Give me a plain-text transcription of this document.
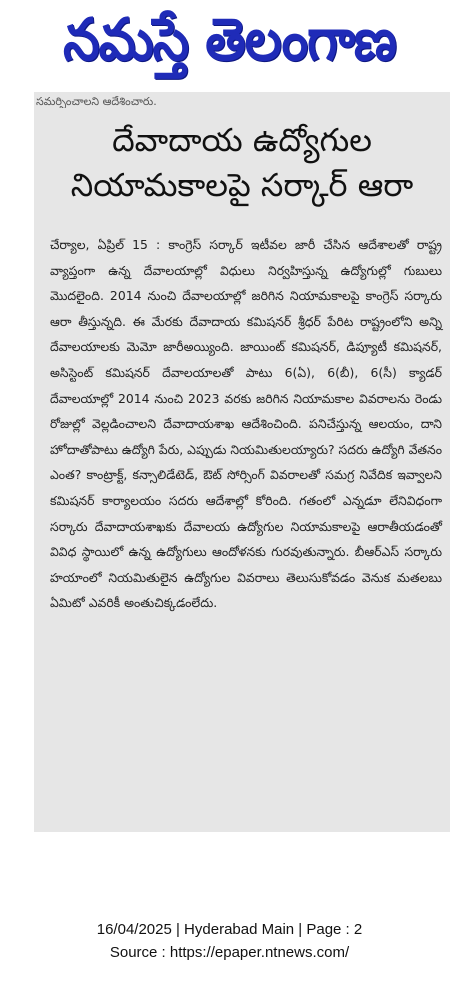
నమస్తే తెలంగాణ
సమర్పించాలని ఆదేశించారు.
దేవాదాయ ఉద్యోగుల
నియామకాలపై సర్కార్ ఆరా

చేర్యాల, ఏప్రిల్ 15 : కాంగ్రెస్ సర్కార్ ఇటీవల జారీ చేసిన ఆదేశాలతో రాష్ట్ర వ్యాప్తంగా ఉన్న దేవాలయాల్లో విధులు నిర్వహిస్తున్న ఉద్యోగుల్లో గుబులు మొదలైంది. 2014 నుంచి దేవాలయాల్లో జరిగిన నియామకాలపై కాంగ్రెస్ సర్కారు ఆరా తీస్తున్నది. ఈ మేరకు దేవాదాయ కమిషనర్ శ్రీధర్ పేరిట రాష్ట్రంలోని అన్ని దేవాలయాలకు మెమో జారీఅయ్యింది. జాయింట్ కమిషనర్, డిప్యూటీ కమిషనర్, అసిస్టెంట్ కమిషనర్ దేవాలయాలతో పాటు 6(ఏ), 6(బీ), 6(సీ) క్యాడర్ దేవాలయాల్లో 2014 నుంచి 2023 వరకు జరిగిన నియామకాల వివరాలను రెండు రోజుల్లో వెల్లడించాలని దేవాదాయశాఖ ఆదేశించింది. పనిచేస్తున్న ఆలయం, దాని హోదాతోపాటు ఉద్యోగి పేరు, ఎప్పుడు నియమితులయ్యారు? సదరు ఉద్యోగి వేతనం ఎంత? కాంట్రాక్ట్, కన్సాలిడేటెడ్, ఔట్ సోర్సింగ్ వివరాలతో సమగ్ర నివేదిక ఇవ్వాలని కమిషనర్ కార్యాలయం సదరు ఆదేశాల్లో కోరింది. గతంలో ఎన్నడూ లేనివిధంగా సర్కారు దేవాదాయశాఖకు దేవాలయ ఉద్యోగుల నియామకాలపై ఆరాతీయడంతో వివిధ స్థాయిలో ఉన్న ఉద్యోగులు ఆందోళనకు గురవుతున్నారు. బీఆర్ఎస్ సర్కారు హయాంలో నియమితులైన ఉద్యోగుల వివరాలు తెలుసుకోవడం వెనుక మతలబు ఏమిటో ఎవరికీ అంతుచిక్కడంలేదు.

16/04/2025 | Hyderabad Main | Page : 2
Source : https://epaper.ntnews.com/
